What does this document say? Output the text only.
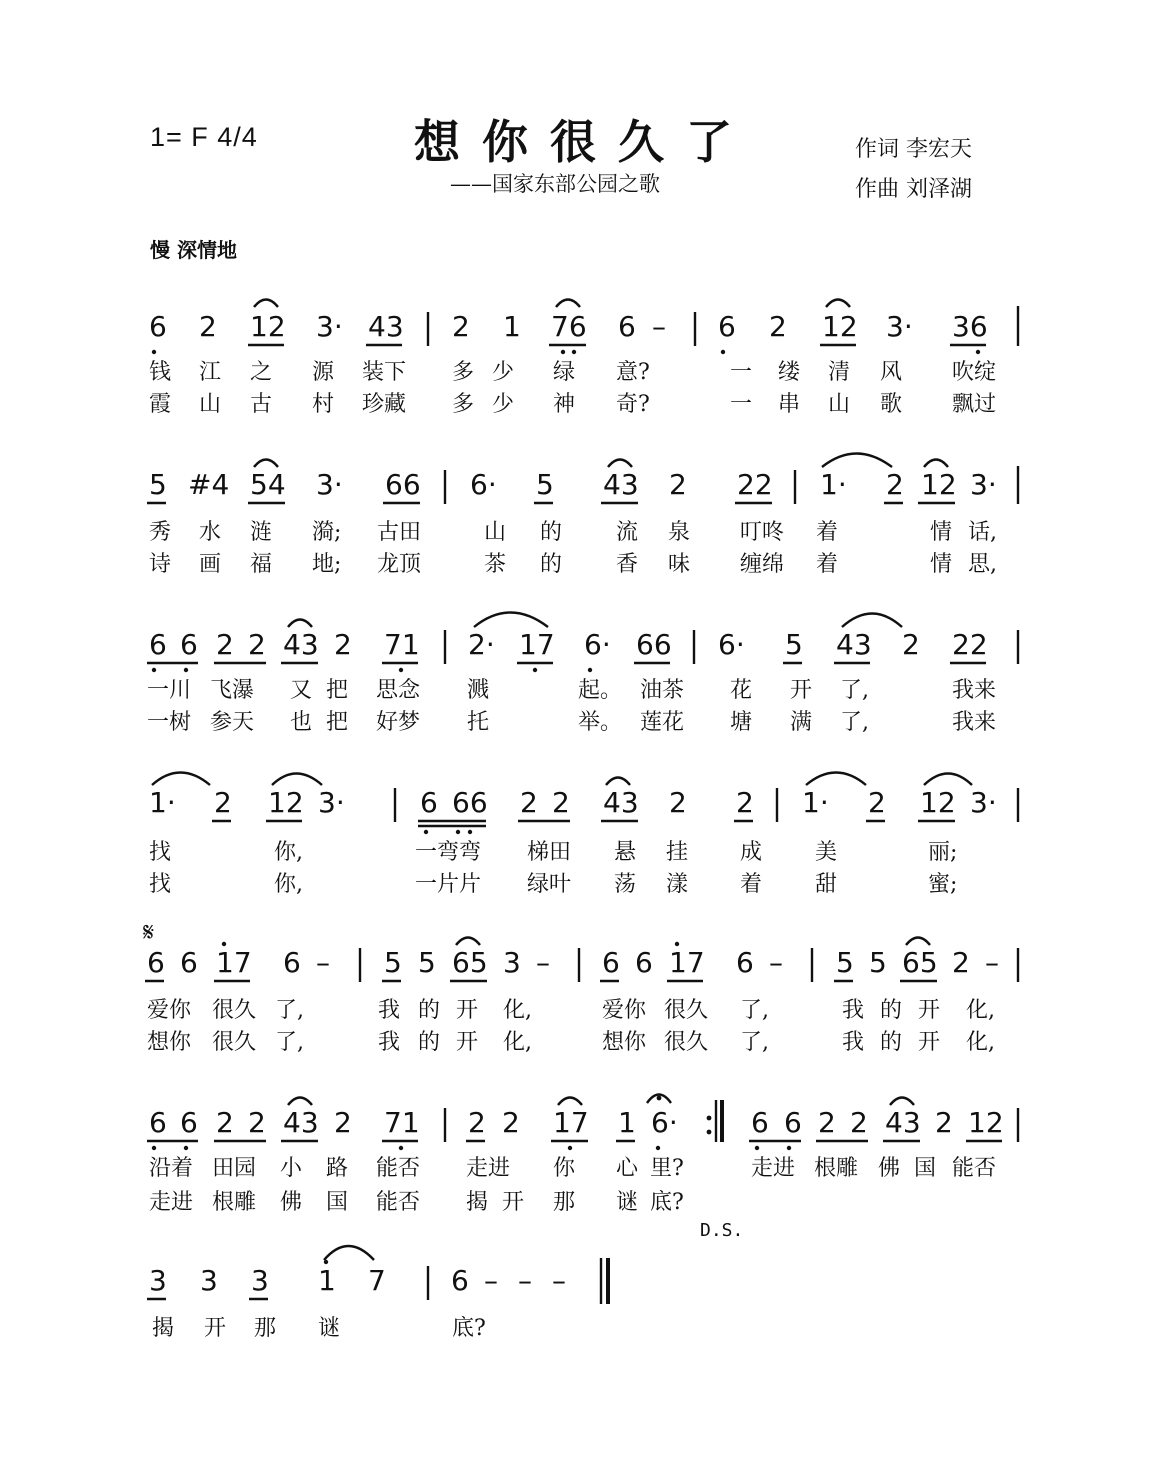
1= F 4/4	想你很久了
——国家东部公园之歌
作词 李宏天
作曲 刘泽湖
慢 深情地
6 2 12 3· 43 2 1 76 6 – 6 2 12 3· 36
钱 江 之 源 装下 多 少 绿 意?	一 缕 清 风 吹绽
霞 山 古 村 珍藏 多 少 神 奇?	一 串 山 歌 飘过
5 #4 54 3· 66 6· 5 43 2 22 1· 2 12 3·
秀 水 涟 漪; 古田	山 的 流 泉 叮咚 着	情 话,
诗 画 福 地; 龙顶	茶 的 香 味 缠绵 着	情 思,
6 6 2 2 43 2 71 2· 17 6· 66 6· 5 43 2 22
一川 飞瀑 又 把 思念 溅	起。 油茶 花 开 了,	我来
一树 参天 也 把 好梦 托	举。 莲花 塘 满 了,	我来
1· 2 12 3·	6 66 2 2 43 2 2 1· 2 12 3·
找	你,	一弯弯 梯田 悬 挂 成 美	丽;
找	你,	一片片 绿叶 荡 漾 着 甜	蜜;
𝄋
6 6 17 6 – 5 5 65 3 – 6 6 17 6 – 5 5 65 2 –
爱你 很久 了,	我 的 开 化,	爱你 很久 了,	我 的 开 化,
想你 很久 了,	我 的 开 化,	想你 很久 了,	我 的 开 化,
6 6 2 2 43 2 71 2 2 17 1 6·	6 6 2 2 43 2 12
沿着 田园 小 路 能否 走进 你 心 里?	走进 根雕 佛 国 能否
走进 根雕 佛 国 能否 揭 开 那 谜 底?
D.S.
3 3 3 1 7 6 – – –
揭 开 那 谜	底?
